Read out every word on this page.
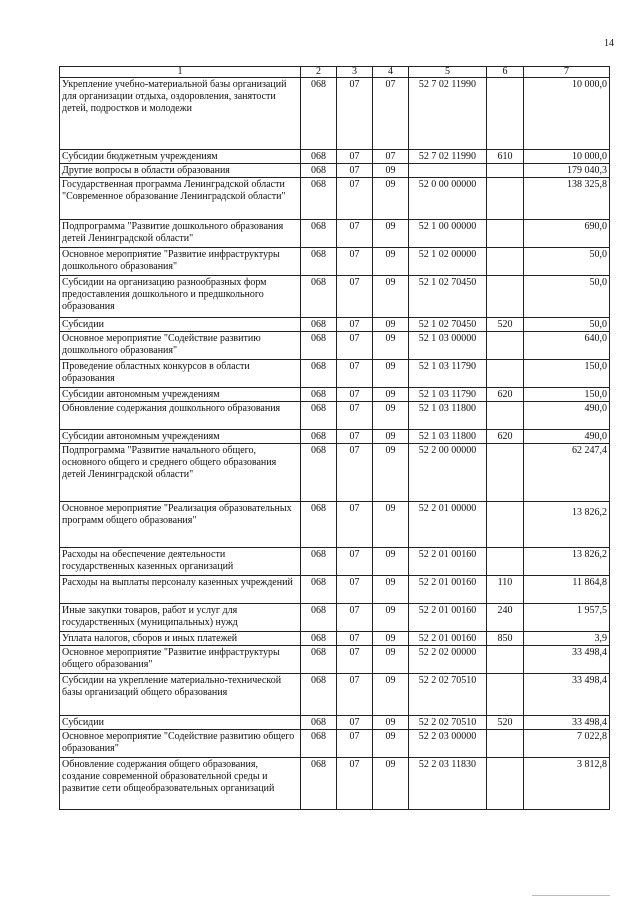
14
1	2	3	4	5	6	7
Укрепление учебно-материальной базы организаций для организации отдыха, оздоровления, занятости детей, подростков и молодежи	068	07	07	52 7 02 11990		10 000,0
Субсидии бюджетным учреждениям	068	07	07	52 7 02 11990	610	10 000,0
Другие вопросы в области образования	068	07	09			179 040,3
Государственная программа Ленинградской области "Современное образование Ленинградской области"	068	07	09	52 0 00 00000		138 325,8
Подпрограмма "Развитие дошкольного образования детей Ленинградской области"	068	07	09	52 1 00 00000		690,0
Основное мероприятие "Развитие инфраструктуры дошкольного образования"	068	07	09	52 1 02 00000		50,0
Субсидии на организацию разнообразных форм предоставления дошкольного и предшкольного образования	068	07	09	52 1 02 70450		50,0
Субсидии	068	07	09	52 1 02 70450	520	50,0
Основное мероприятие "Содействие развитию дошкольного образования"	068	07	09	52 1 03 00000		640,0
Проведение областных конкурсов в области образования	068	07	09	52 1 03 11790		150,0
Субсидии автономным учреждениям	068	07	09	52 1 03 11790	620	150,0
Обновление содержания дошкольного образования	068	07	09	52 1 03 11800		490,0
Субсидии автономным учреждениям	068	07	09	52 1 03 11800	620	490,0
Подпрограмма "Развитие начального общего, основного общего и среднего общего образования детей Ленинградской области"	068	07	09	52 2 00 00000		62 247,4
Основное мероприятие "Реализация образовательных программ общего образования"	068	07	09	52 2 01 00000		13 826,2
Расходы на обеспечение деятельности государственных казенных организаций	068	07	09	52 2 01 00160		13 826,2
Расходы на выплаты персоналу казенных учреждений	068	07	09	52 2 01 00160	110	11 864,8
Иные закупки товаров, работ и услуг для государственных (муниципальных) нужд	068	07	09	52 2 01 00160	240	1 957,5
Уплата налогов, сборов и иных платежей	068	07	09	52 2 01 00160	850	3,9
Основное мероприятие "Развитие инфраструктуры общего образования"	068	07	09	52 2 02 00000		33 498,4
Субсидии на укрепление материально-технической базы организаций общего образования	068	07	09	52 2 02 70510		33 498,4
Субсидии	068	07	09	52 2 02 70510	520	33 498,4
Основное мероприятие "Содействие развитию общего образования"	068	07	09	52 2 03 00000		7 022,8
Обновление содержания общего образования, создание современной образовательной среды и развитие сети общеобразовательных организаций	068	07	09	52 2 03 11830		3 812,8
